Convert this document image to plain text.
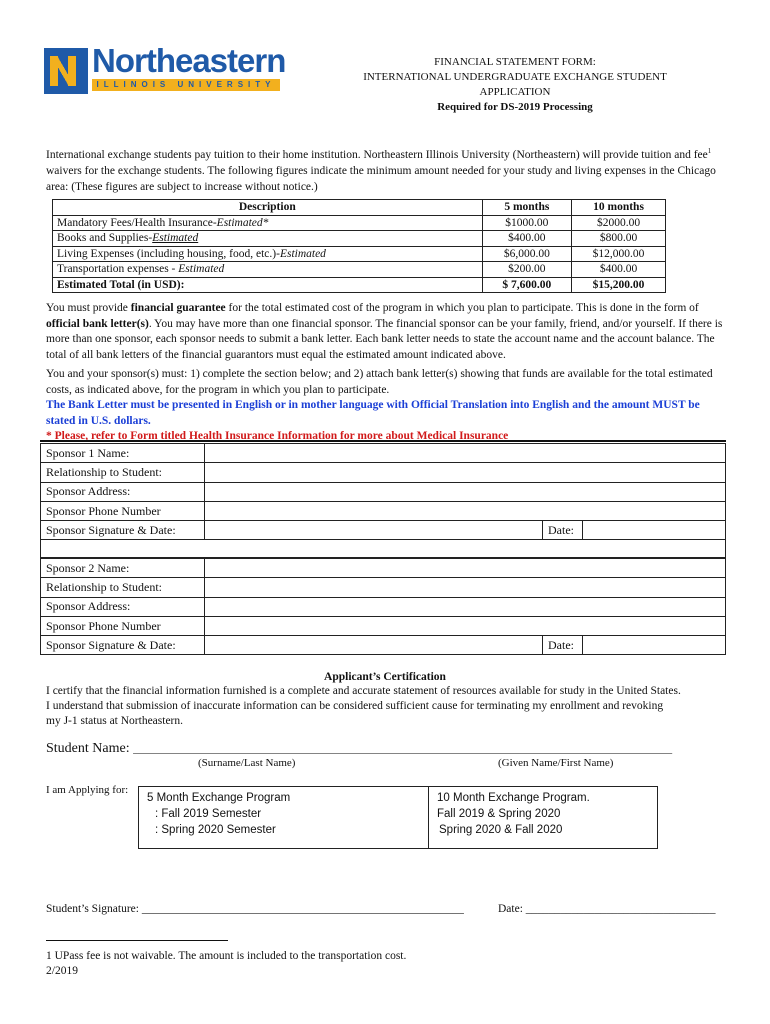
Northeastern
ILLINOIS UNIVERSITY
FINANCIAL STATEMENT FORM:
INTERNATIONAL UNDERGRADUATE EXCHANGE STUDENT
APPLICATION
Required for DS-2019 Processing
International exchange students pay tuition to their home institution. Northeastern Illinois University (Northeastern) will provide tuition and fee$^1$ waivers for the exchange students. The following figures indicate the minimum amount needed for your study and living expenses in the Chicago area: (These figures are subject to increase without notice.)
Description	5 months	10 months
Mandatory Fees/Health Insurance-Estimated*	$1000.00	$2000.00
Books and Supplies-Estimated	$400.00	$800.00
Living Expenses (including housing, food, etc.)-Estimated	$6,000.00	$12,000.00
Transportation expenses - Estimated	$200.00	$400.00
Estimated Total (in USD):	$ 7,600.00	$15,200.00
You must provide financial guarantee for the total estimated cost of the program in which you plan to participate. This is done in the form of official bank letter(s). You may have more than one financial sponsor. The financial sponsor can be your family, friend, and/or yourself. If there is more than one sponsor, each sponsor needs to submit a bank letter. Each bank letter needs to state the account name and the account balance. The total of all bank letters of the financial guarantors must equal the estimated amount indicated above.
You and your sponsor(s) must: 1) complete the section below; and 2) attach bank letter(s) showing that funds are available for the total estimated costs, as indicated above, for the program in which you plan to participate.
The Bank Letter must be presented in English or in mother language with Official Translation into English and the amount MUST be stated in U.S. dollars.
* Please, refer to Form titled Health Insurance Information for more about Medical Insurance
Sponsor 1 Name:			
Relationship to Student:			
Sponsor Address:			
Sponsor Phone Number			
Sponsor Signature & Date:		Date:	
Sponsor 2 Name:			
Relationship to Student:			
Sponsor Address:			
Sponsor Phone Number			
Sponsor Signature & Date:		Date:	
Applicant’s Certification
I certify that the financial information furnished is a complete and accurate statement of resources available for study in the United States.
I understand that submission of inaccurate information can be considered sufficient cause for terminating my enrollment and revoking
my J-1 status at Northeastern.
Student Name: __________________________________________________________________________________________________
(Surname/Last Name)	(Given Name/First Name)
I am Applying for:
5 Month Exchange Program
: Fall 2019 Semester
: Spring 2020 Semester

10 Month Exchange Program.
Fall 2019 & Spring 2020
Spring 2020 & Fall 2020
Student’s Signature: ________________________________________________________	Date: _________________________________
1 UPass fee is not waivable. The amount is included to the transportation cost.
2/2019
